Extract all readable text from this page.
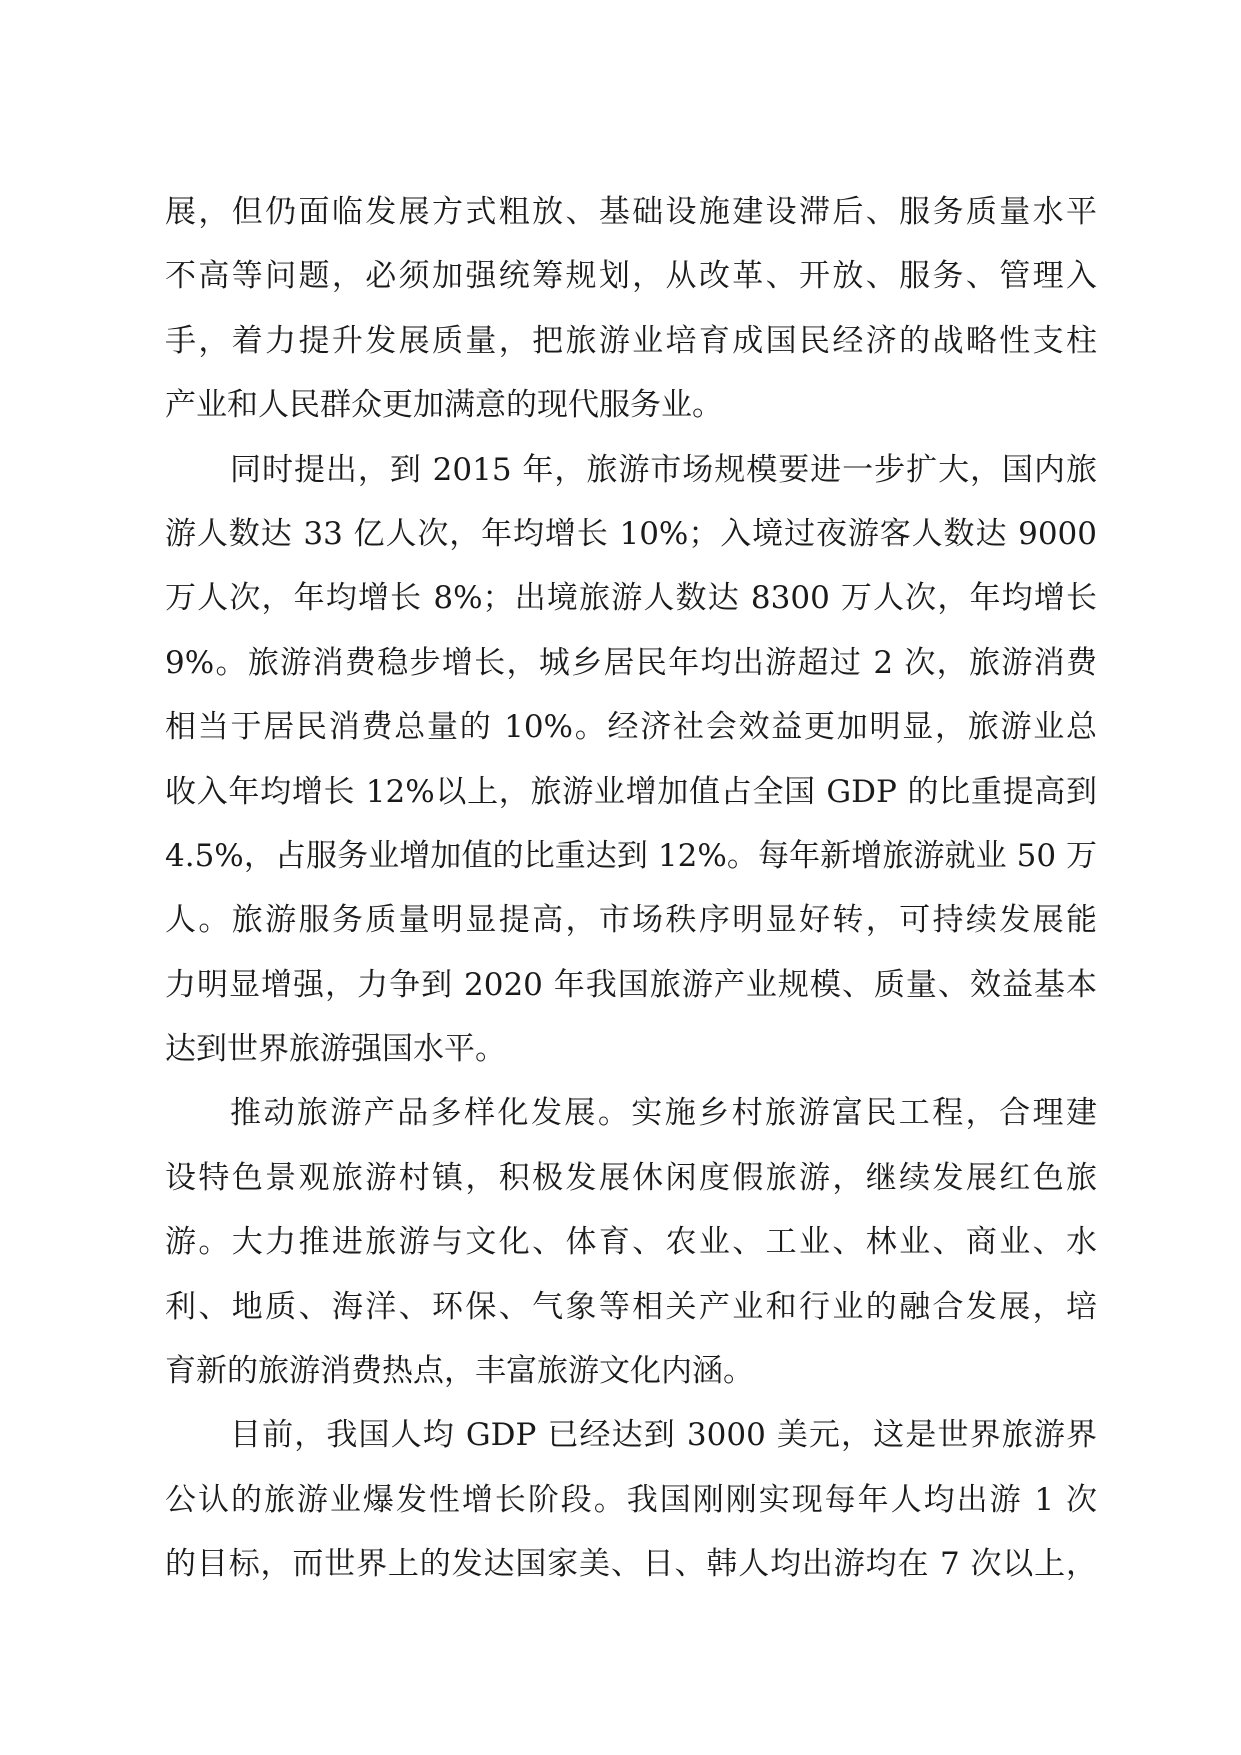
展，但仍面临发展方式粗放、基础设施建设滞后、服务质量水平
不高等问题，必须加强统筹规划，从改革、开放、服务、管理入
手，着力提升发展质量，把旅游业培育成国民经济的战略性支柱
产业和人民群众更加满意的现代服务业。
同时提出，到 2015 年，旅游市场规模要进一步扩大，国内旅
游人数达 33 亿人次，年均增长 10%；入境过夜游客人数达 9000
万人次，年均增长 8%；出境旅游人数达 8300 万人次，年均增长
9%。旅游消费稳步增长，城乡居民年均出游超过 2 次，旅游消费
相当于居民消费总量的 10%。经济社会效益更加明显，旅游业总
收入年均增长 12%以上，旅游业增加值占全国 GDP 的比重提高到
4.5%，占服务业增加值的比重达到 12%。每年新增旅游就业 50 万
人。旅游服务质量明显提高，市场秩序明显好转，可持续发展能
力明显增强，力争到 2020 年我国旅游产业规模、质量、效益基本
达到世界旅游强国水平。
推动旅游产品多样化发展。实施乡村旅游富民工程，合理建
设特色景观旅游村镇，积极发展休闲度假旅游，继续发展红色旅
游。大力推进旅游与文化、体育、农业、工业、林业、商业、水
利、地质、海洋、环保、气象等相关产业和行业的融合发展，培
育新的旅游消费热点，丰富旅游文化内涵。
目前，我国人均 GDP 已经达到 3000 美元，这是世界旅游界
公认的旅游业爆发性增长阶段。我国刚刚实现每年人均出游 1 次
的目标，而世界上的发达国家美、日、韩人均出游均在 7 次以上，
